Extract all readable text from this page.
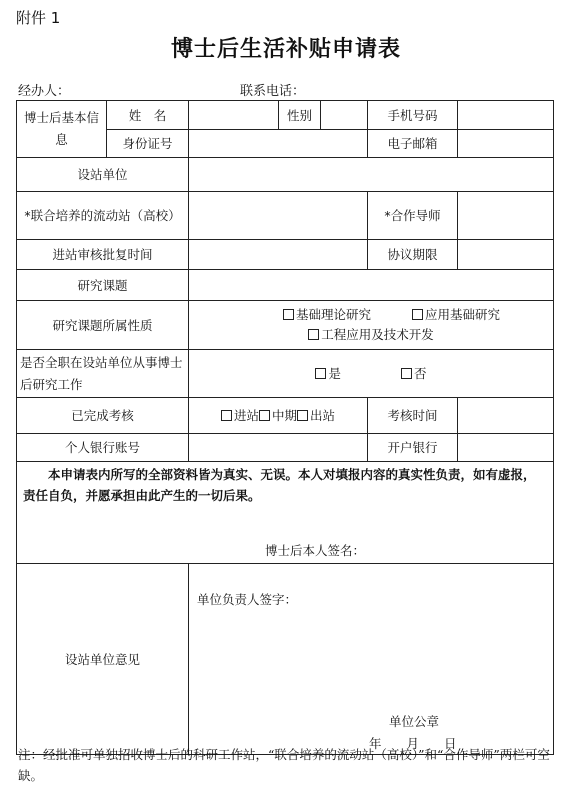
附件 1
博士后生活补贴申请表
经办人：	联系电话：
博士后基本信息	姓　名		性别		手机号码	
	身份证号				电子邮箱	
设站单位						
*联合培养的流动站（高校）					*合作导师	
进站审核批复时间					协议期限	
研究课题						
研究课题所属性质		基础理论研究 应用基础研究
工程应用及技术开发				

是否全职在设站单位从事博士后研究工作		是 否				
已完成考核		进站 中期 出站			考核时间	
个人银行账号					开户银行	

本申请表内所写的全部资料皆为真实、无误。本人对填报内容的真实性负责，如有虚报，责任自负，并愿承担由此产生的一切后果。
博士后本人签名：						

设站单位意见		单位负责人签字：
单位公章
年　　月　　日				
注：经批准可单独招收博士后的科研工作站，“联合培养的流动站（高校）”和“合作导师”两栏可空缺。
